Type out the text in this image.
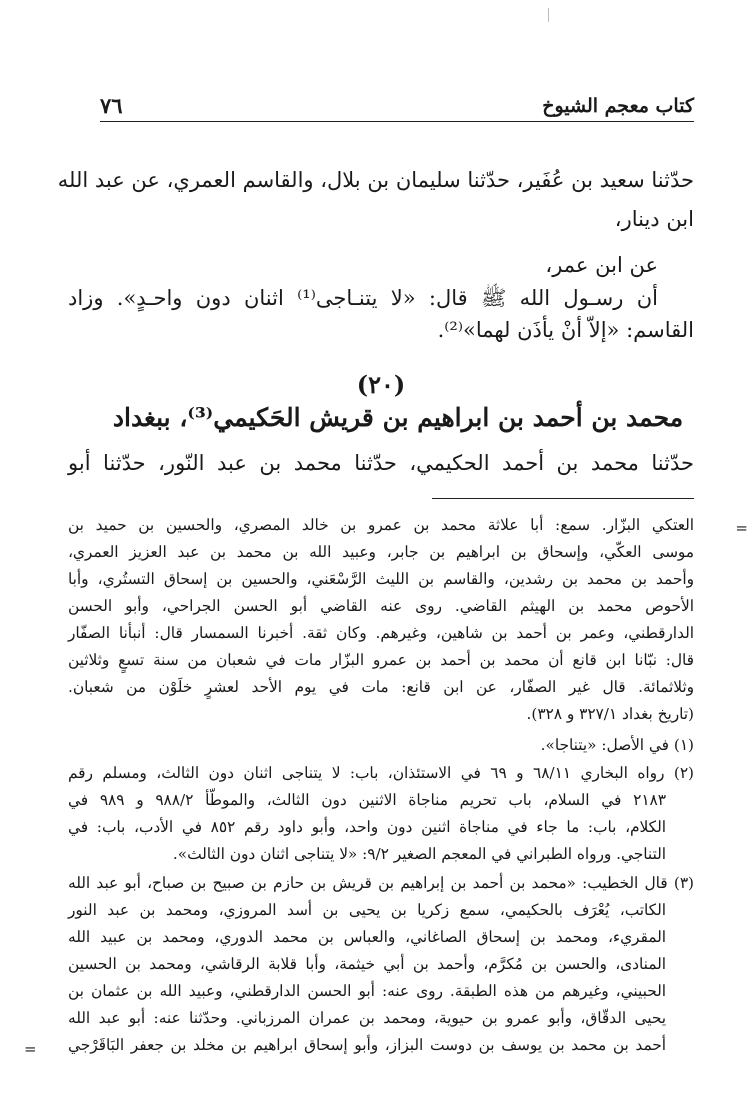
كتاب معجم الشيوخ
٧٦
حدّثنا سعيد بن عُفَير، حدّثنا سليمان بن بلال، والقاسم العمري، عن عبد الله
ابن دينار،
عن ابن عمر،
أن رسـول الله ﷺ قال: «لا يتنـاجى⁽¹⁾ اثنان دون واحـدٍ». وزاد
القاسم: «إلاّ أنْ يأذَن لهما»⁽²⁾.
(٢٠)
محمد بن أحمد بن ابراهيم بن قريش الحَكيمي⁽³⁾، ببغداد
حدّثنا محمد بن أحمد الحكيمي، حدّثنا محمد بن عبد النّور، حدّثنا أبو
=
العتكي البزّار. سمع: أبا علاثة محمد بن عمرو بن خالد المصري، والحسين بن حميد بن
موسى العكّي، وإسحاق بن ابراهيم بن جابر، وعبيد الله بن محمد بن عبد العزيز العمري،
وأحمد بن محمد بن رشدين، والقاسم بن الليث الرَّسْعَني، والحسين بن إسحاق التستُري، وأبا
الأحوص محمد بن الهيثم القاضي. روى عنه القاضي أبو الحسن الجراحي، وأبو الحسن
الدارقطني، وعمر بن أحمد بن شاهين، وغيرهم. وكان ثقة. أخبرنا السمسار قال: أنبأنا الصفّار
قال: نبّانا ابن قانع أن محمد بن أحمد بن عمرو البزّار مات في شعبان من سنة تسعٍ وثلاثين
وثلاثمائة. قال غير الصفّار، عن ابن قانع: مات في يوم الأحد لعشرٍ خلَوْن من شعبان.
(تاريخ بغداد ٣٢٧/١ و ٣٢٨).
(١) في الأصل: «يتناجا».
(٢) رواه البخاري ٦٨/١١ و ٦٩ في الاستئذان، باب: لا يتناجى اثنان دون الثالث، ومسلم رقم
٢١٨٣ في السلام، باب تحريم مناجاة الاثنين دون الثالث، والموطّأ ٩٨٨/٢ و ٩٨٩ في
الكلام، باب: ما جاء في مناجاة اثنين دون واحد، وأبو داود رقم ٨٥٢ في الأدب، باب: في
التناجي. ورواه الطبراني في المعجم الصغير ٩/٢: «لا يتناجى اثنان دون الثالث».
(٣) قال الخطيب: «محمد بن أحمد بن إبراهيم بن قريش بن حازم بن صبيح بن صباح، أبو عبد الله
الكاتب، يُعْرَف بالحكيمي، سمع زكريا بن يحيى بن أسد المروزي، ومحمد بن عبد النور
المقريء، ومحمد بن إسحاق الصاغاني، والعباس بن محمد الدوري، ومحمد بن عبيد الله
المنادى، والحسن بن مُكرَّم، وأحمد بن أبي خيثمة، وأبا قلابة الرقاشي، ومحمد بن الحسين
الحبيني، وغيرهم من هذه الطبقة. روى عنه: أبو الحسن الدارقطني، وعبيد الله بن عثمان بن
يحيى الدقّاق، وأبو عمرو بن حيوية، ومحمد بن عمران المرزباني. وحدّثنا عنه: أبو عبد الله
أحمد بن محمد بن يوسف بن دوست البزاز، وأبو إسحاق ابراهيم بن مخلد بن جعفر البَاقَرْجي
=
